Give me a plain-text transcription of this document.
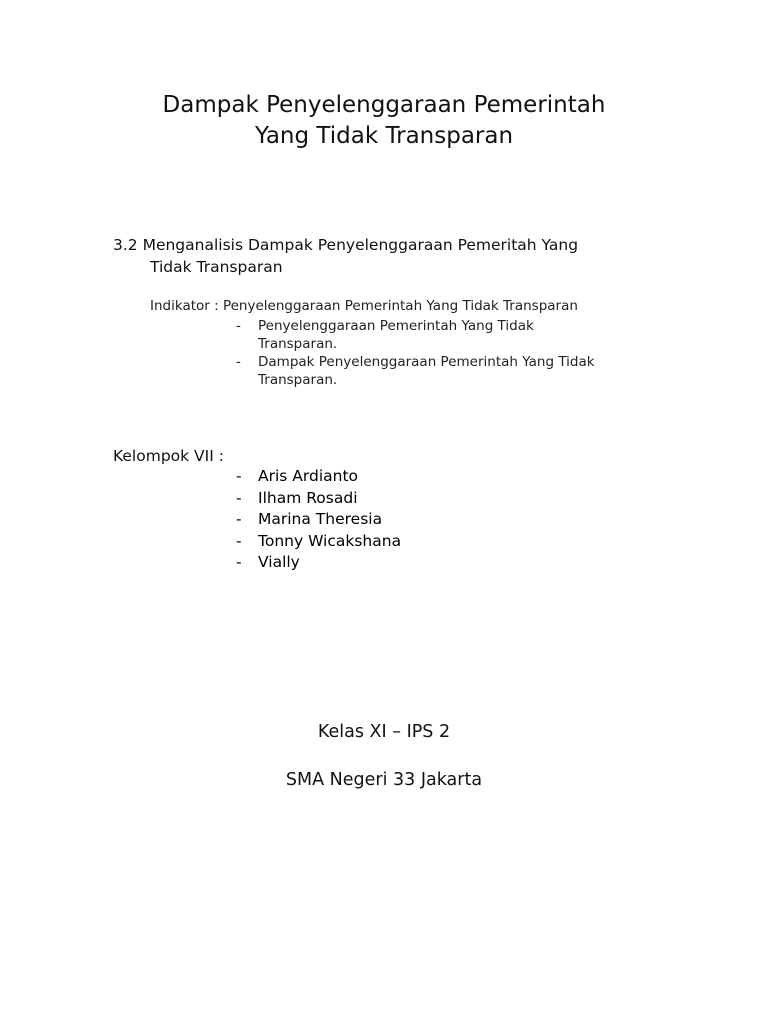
Dampak Penyelenggaraan Pemerintah
Yang Tidak Transparan
3.2 Menganalisis Dampak Penyelenggaraan Pemeritah Yang
Tidak Transparan
Indikator : Penyelenggaraan Pemerintah Yang Tidak Transparan
- Penyelenggaraan Pemerintah Yang Tidak
Transparan.
- Dampak Penyelenggaraan Pemerintah Yang Tidak
Transparan.
Kelompok VII :
- Aris Ardianto
- Ilham Rosadi
- Marina Theresia
- Tonny Wicakshana
- Vially
Kelas XI – IPS 2
SMA Negeri 33 Jakarta
